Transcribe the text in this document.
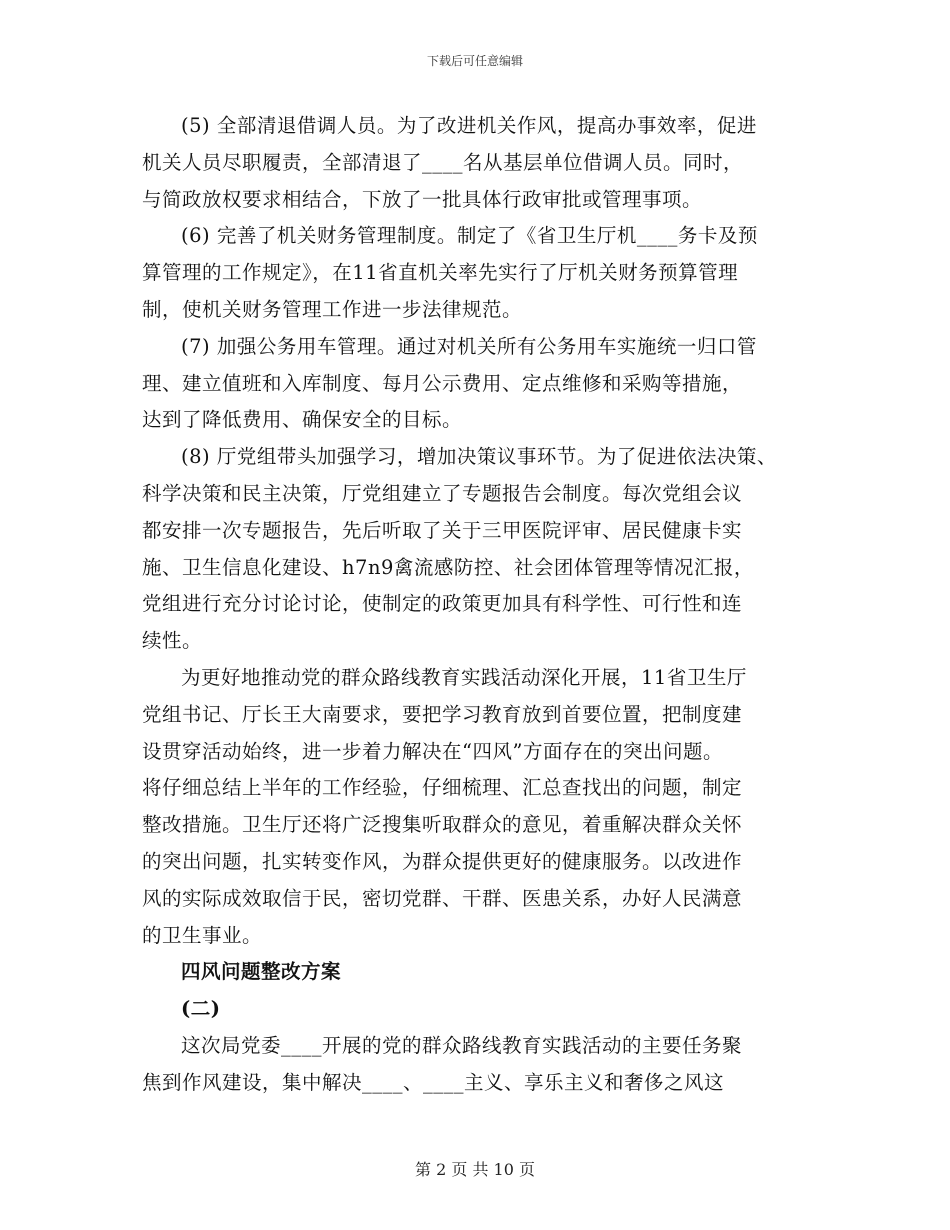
下载后可任意编辑

(5) 全部清退借调人员。为了改进机关作风，提高办事效率，促进
机关人员尽职履责，全部清退了____名从基层单位借调人员。同时，
与简政放权要求相结合，下放了一批具体行政审批或管理事项。

(6) 完善了机关财务管理制度。制定了《省卫生厅机____务卡及预
算管理的工作规定》，在11省直机关率先实行了厅机关财务预算管理
制，使机关财务管理工作进一步法律规范。

(7) 加强公务用车管理。通过对机关所有公务用车实施统一归口管
理、建立值班和入库制度、每月公示费用、定点维修和采购等措施，
达到了降低费用、确保安全的目标。

(8) 厅党组带头加强学习，增加决策议事环节。为了促进依法决策、
科学决策和民主决策，厅党组建立了专题报告会制度。每次党组会议
都安排一次专题报告，先后听取了关于三甲医院评审、居民健康卡实
施、卫生信息化建设、h7n9禽流感防控、社会团体管理等情况汇报，
党组进行充分讨论讨论，使制定的政策更加具有科学性、可行性和连
续性。

为更好地推动党的群众路线教育实践活动深化开展，11省卫生厅
党组书记、厅长王大南要求，要把学习教育放到首要位置，把制度建
设贯穿活动始终，进一步着力解决在“四风”方面存在的突出问题。
将仔细总结上半年的工作经验，仔细梳理、汇总查找出的问题，制定
整改措施。卫生厅还将广泛搜集听取群众的意见，着重解决群众关怀
的突出问题，扎实转变作风，为群众提供更好的健康服务。以改进作
风的实际成效取信于民，密切党群、干群、医患关系，办好人民满意
的卫生事业。

四风问题整改方案

(二)

这次局党委____开展的党的群众路线教育实践活动的主要任务聚
焦到作风建设，集中解决____、____主义、享乐主义和奢侈之风这

第 2 页 共 10 页
